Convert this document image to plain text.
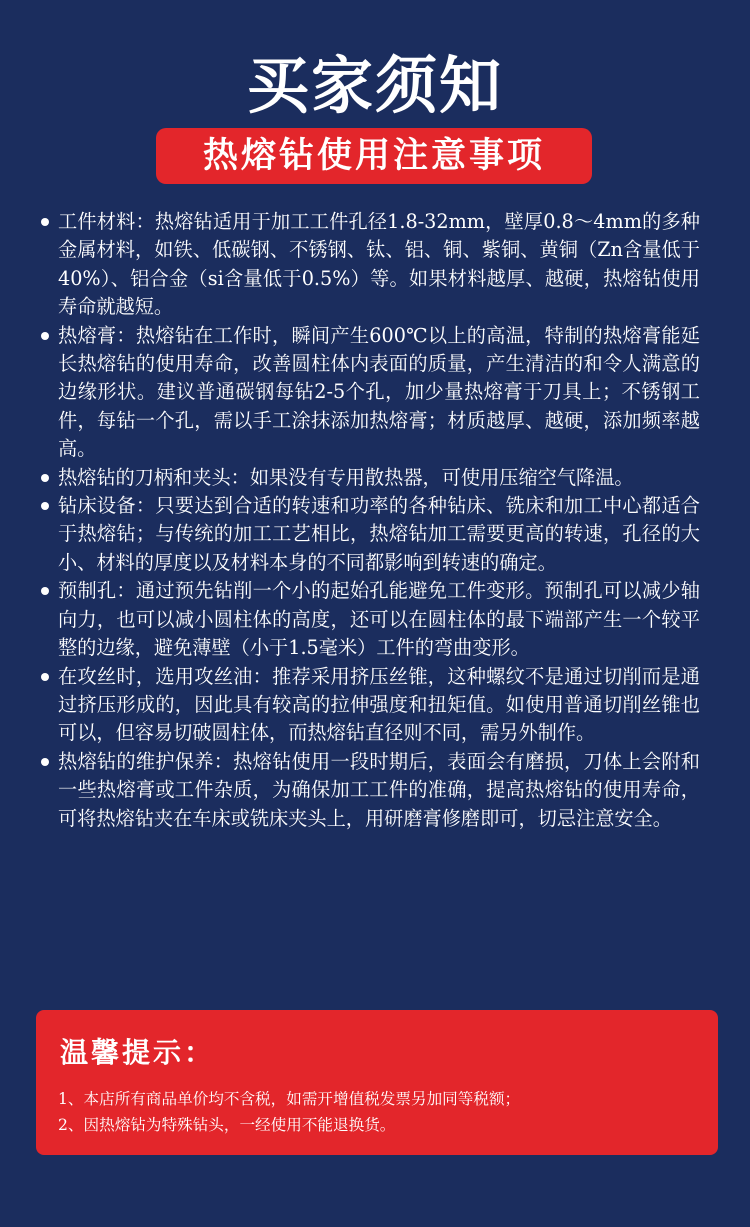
买家须知
热熔钻使用注意事项
工件材料：热熔钻适用于加工工件孔径1.8-32mm，壁厚0.8～4mm的多种金属材料，如铁、低碳钢、不锈钢、钛、铝、铜、紫铜、黄铜（Zn含量低于40%）、铝合金（si含量低于0.5%）等。如果材料越厚、越硬，热熔钻使用寿命就越短。
热熔膏：热熔钻在工作时，瞬间产生600℃以上的高温，特制的热熔膏能延长热熔钻的使用寿命，改善圆柱体内表面的质量，产生清洁的和令人满意的边缘形状。建议普通碳钢每钻2-5个孔，加少量热熔膏于刀具上；不锈钢工件，每钻一个孔，需以手工涂抹添加热熔膏；材质越厚、越硬，添加频率越高。
热熔钻的刀柄和夹头：如果没有专用散热器，可使用压缩空气降温。
钻床设备：只要达到合适的转速和功率的各种钻床、铣床和加工中心都适合于热熔钻；与传统的加工工艺相比，热熔钻加工需要更高的转速，孔径的大小、材料的厚度以及材料本身的不同都影响到转速的确定。
预制孔：通过预先钻削一个小的起始孔能避免工件变形。预制孔可以减少轴向力，也可以减小圆柱体的高度，还可以在圆柱体的最下端部产生一个较平整的边缘，避免薄壁（小于1.5毫米）工件的弯曲变形。
在攻丝时，选用攻丝油：推荐采用挤压丝锥，这种螺纹不是通过切削而是通过挤压形成的，因此具有较高的拉伸强度和扭矩值。如使用普通切削丝锥也可以，但容易切破圆柱体，而热熔钻直径则不同，需另外制作。
热熔钻的维护保养：热熔钻使用一段时期后，表面会有磨损，刀体上会附和一些热熔膏或工件杂质，为确保加工工件的准确，提高热熔钻的使用寿命，可将热熔钻夹在车床或铣床夹头上，用研磨膏修磨即可，切忌注意安全。
温馨提示：
1、本店所有商品单价均不含税，如需开增值税发票另加同等税额；
2、因热熔钻为特殊钻头，一经使用不能退换货。
